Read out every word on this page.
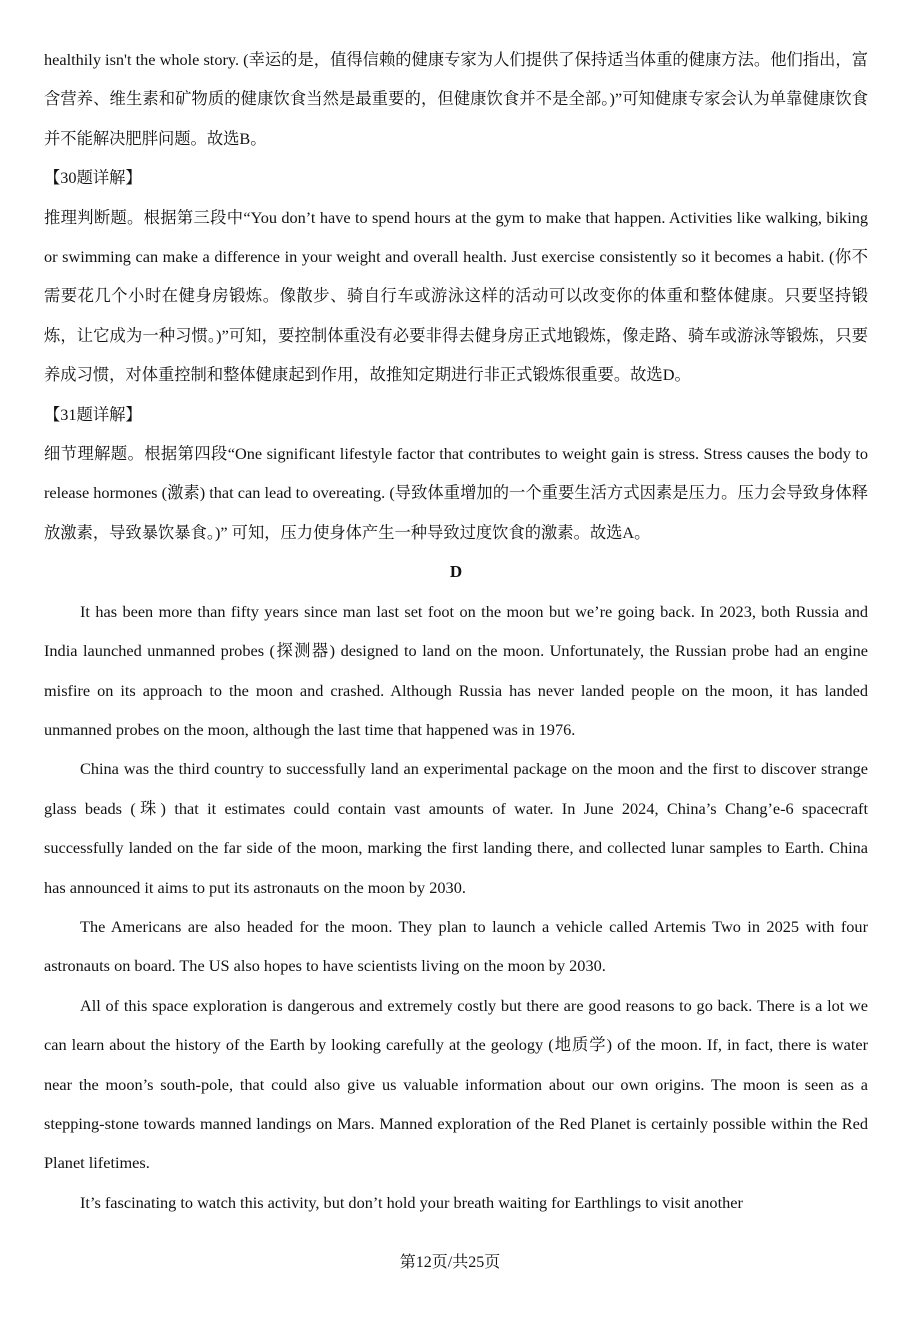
healthily isn't the whole story. (幸运的是，值得信赖的健康专家为人们提供了保持适当体重的健康方法。他们指出，富含营养、维生素和矿物质的健康饮食当然是最重要的，但健康饮食并不是全部。)”可知健康专家会认为单靠健康饮食并不能解决肥胖问题。故选B。

【30题详解】

推理判断题。根据第三段中“You don’t have to spend hours at the gym to make that happen. Activities like walking, biking or swimming can make a difference in your weight and overall health. Just exercise consistently so it becomes a habit. (你不需要花几个小时在健身房锻炼。像散步、骑自行车或游泳这样的活动可以改变你的体重和整体健康。只要坚持锻炼，让它成为一种习惯。)”可知，要控制体重没有必要非得去健身房正式地锻炼，像走路、骑车或游泳等锻炼，只要养成习惯，对体重控制和整体健康起到作用，故推知定期进行非正式锻炼很重要。故选D。

【31题详解】

细节理解题。根据第四段“One significant lifestyle factor that contributes to weight gain is stress. Stress causes the body to release hormones (激素) that can lead to overeating. (导致体重增加的一个重要生活方式因素是压力。压力会导致身体释放激素，导致暴饮暴食。)” 可知，压力使身体产生一种导致过度饮食的激素。故选A。

D

It has been more than fifty years since man last set foot on the moon but we’re going back. In 2023, both Russia and India launched unmanned probes (探测器) designed to land on the moon. Unfortunately, the Russian probe had an engine misfire on its approach to the moon and crashed. Although Russia has never landed people on the moon, it has landed unmanned probes on the moon, although the last time that happened was in 1976.

China was the third country to successfully land an experimental package on the moon and the first to discover strange glass beads (珠) that it estimates could contain vast amounts of water. In June 2024, China’s Chang’e-6 spacecraft successfully landed on the far side of the moon, marking the first landing there, and collected lunar samples to Earth. China has announced it aims to put its astronauts on the moon by 2030.

The Americans are also headed for the moon. They plan to launch a vehicle called Artemis Two in 2025 with four astronauts on board. The US also hopes to have scientists living on the moon by 2030.

All of this space exploration is dangerous and extremely costly but there are good reasons to go back. There is a lot we can learn about the history of the Earth by looking carefully at the geology (地质学) of the moon. If, in fact, there is water near the moon’s south-pole, that could also give us valuable information about our own origins. The moon is seen as a stepping-stone towards manned landings on Mars. Manned exploration of the Red Planet is certainly possible within the Red Planet lifetimes.

It’s fascinating to watch this activity, but don’t hold your breath waiting for Earthlings to visit another

第12页/共25页
